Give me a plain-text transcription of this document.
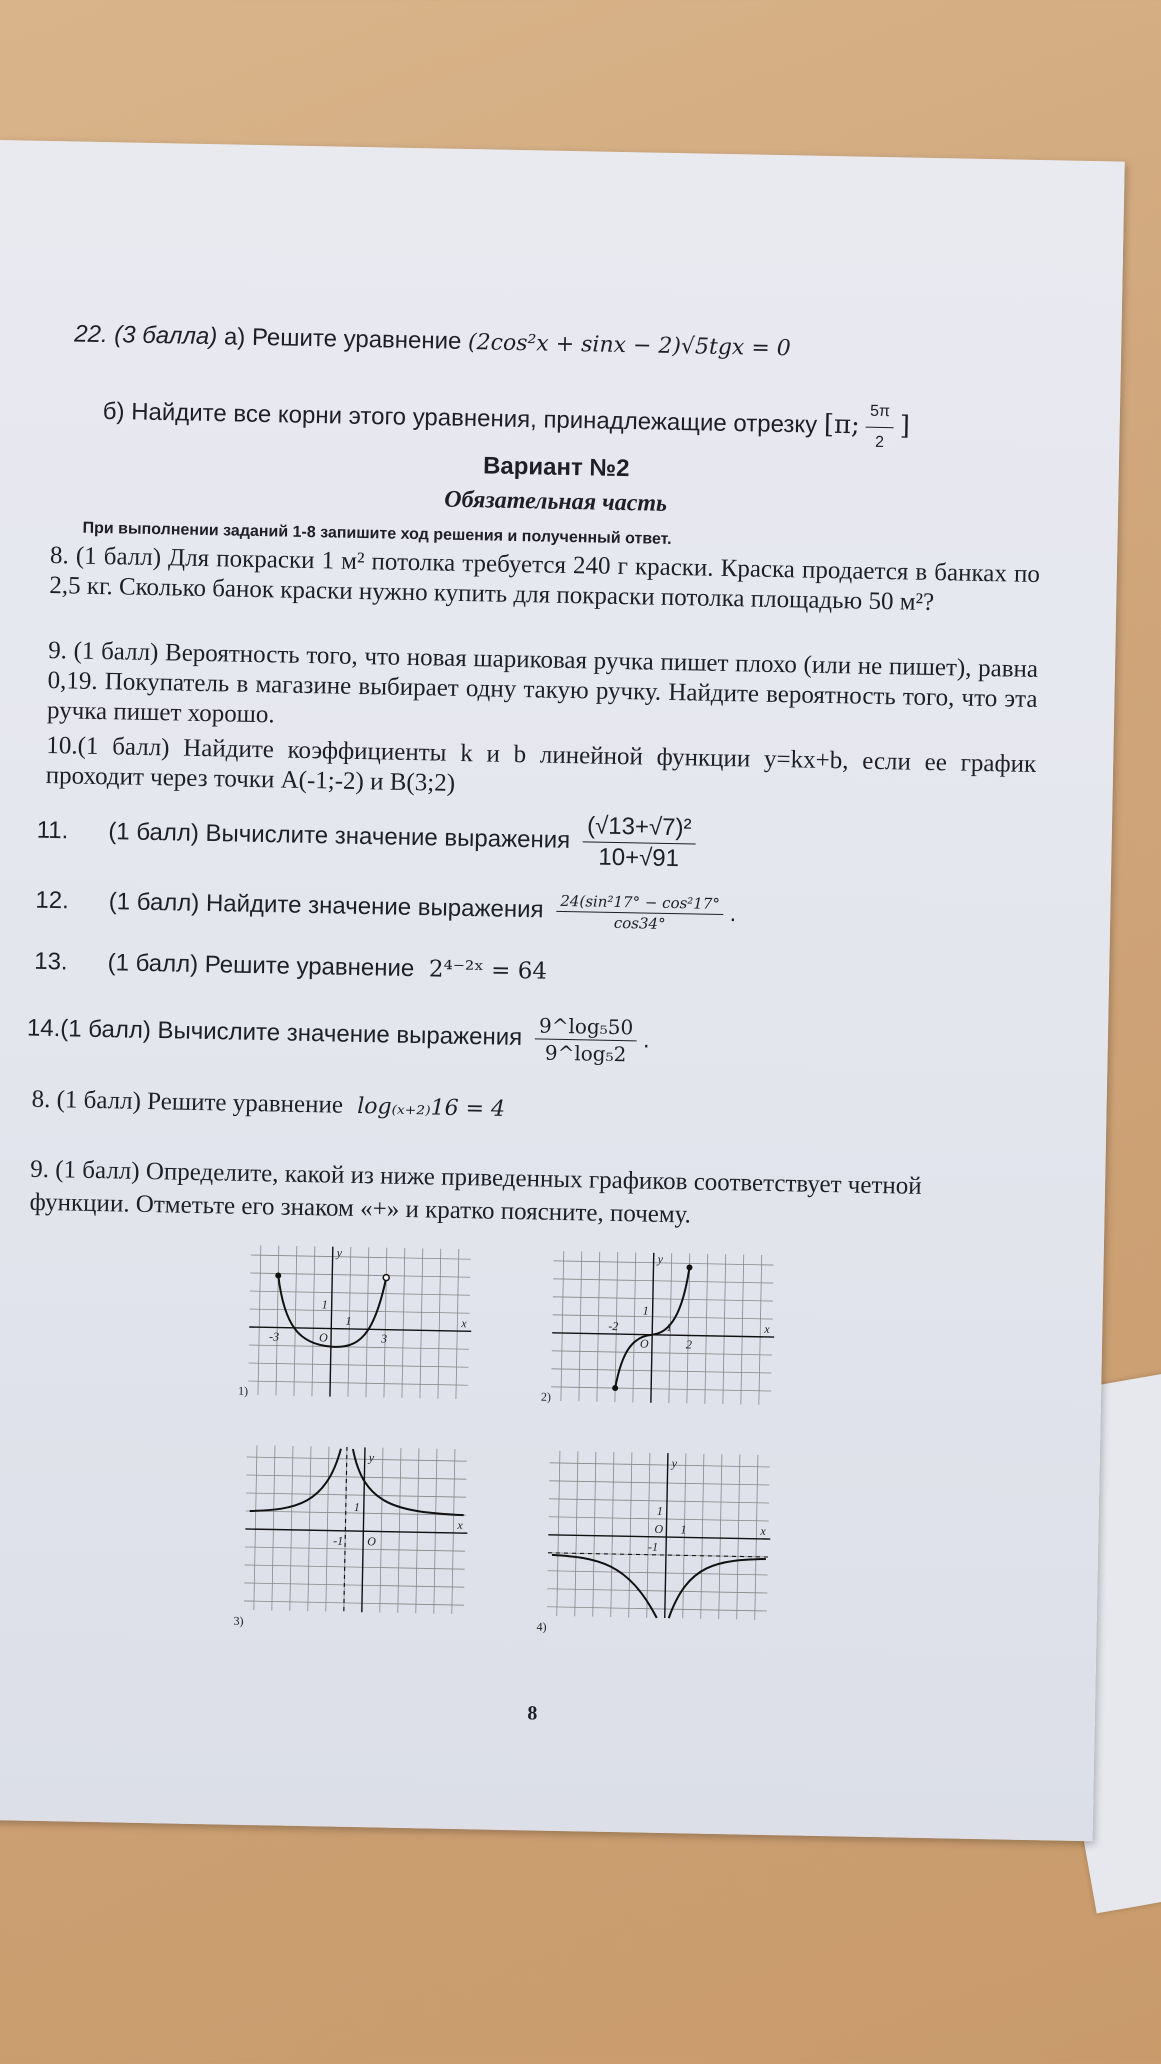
22. (3 балла) а) Решите уравнение (2cos²x + sinx − 2)√5tgx = 0
б) Найдите все корни этого уравнения, принадлежащие отрезку [π; $\frac{5\pi}{2}$ ]
Вариант №2
Обязательная часть
При выполнении заданий 1-8 запишите ход решения и полученный ответ.
8. (1 балл) Для покраски 1 м² потолка требуется 240 г краски. Краска продается в банках по 2,5 кг. Сколько банок краски нужно купить для покраски потолка площадью 50 м²?
9. (1 балл) Вероятность того, что новая шариковая ручка пишет плохо (или не пишет), равна 0,19. Покупатель в магазине выбирает одну такую ручку. Найдите вероятность того, что эта ручка пишет хорошо.
10.(1 балл) Найдите коэффициенты k и b линейной функции y=kx+b, если ее график проходит через точки A(-1;-2) и B(3;2)
11.      (1 балл) Вычислите значение выражения $\frac{\text{(√13+√7)²}}{10+√91}$
12.      (1 балл) Найдите значение выражения $\frac{\text{24(sin²17° − cos²17°}}{\cos 34^\circ}$ .
13.      (1 балл) Решите уравнение 2⁴⁻²ˣ = 64
14.(1 балл) Вычислите значение выражения $\frac{\text{9\textasciicircum{}log₅50}}{\text{9\textasciicircum{}log₅2}}$ .
8. (1 балл) Решите уравнение log₍ₓ₊₂₎16 = 4
9. (1 балл) Определите, какой из ниже приведенных графиков соответствует четной функции. Отметьте его знаком «+» и кратко поясните, почему.
y
x
O
-3	3
1
1
1)
y
x
O
-2
2
1
1
2)
y
x
O
-1
1
3)
y
x
O 1
1
-1
4)
8
